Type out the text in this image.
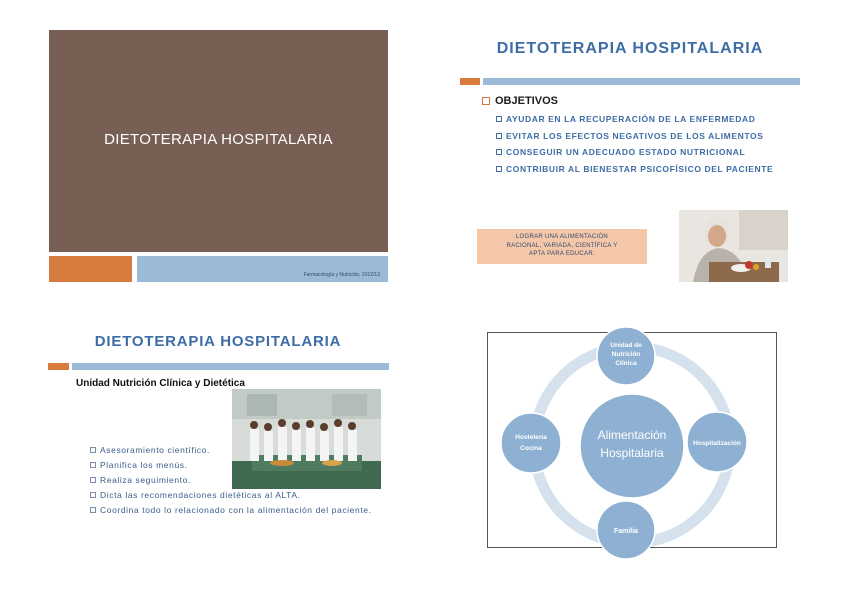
DIETOTERAPIA HOSPITALARIA
Farmacología y Nutrición, 2012/13
DIETOTERAPIA HOSPITALARIA
OBJETIVOS
AYUDAR EN LA RECUPERACIÓN DE LA ENFERMEDAD
EVITAR LOS EFECTOS NEGATIVOS DE LOS ALIMENTOS
CONSEGUIR UN ADECUADO ESTADO NUTRICIONAL
CONTRIBUIR AL BIENESTAR PSICOFÍSICO DEL PACIENTE
LOGRAR UNA ALIMENTACIÓN
RACIONAL, VARIADA, CIENTÍFICA Y
APTA PARA EDUCAR.
DIETOTERAPIA HOSPITALARIA
Unidad Nutrición Clínica y Dietética
Asesoramiento científico.
Planifica los menús.
Realiza seguimiento.
Dicta las recomendaciones dietéticas al ALTA.
Coordina todo lo relacionado con la alimentación del paciente.
Alimentación
Hospitalaria
Unidad de
Nutrición
Clínica
Hospitalización
Familia
Hostelería
Cocina
